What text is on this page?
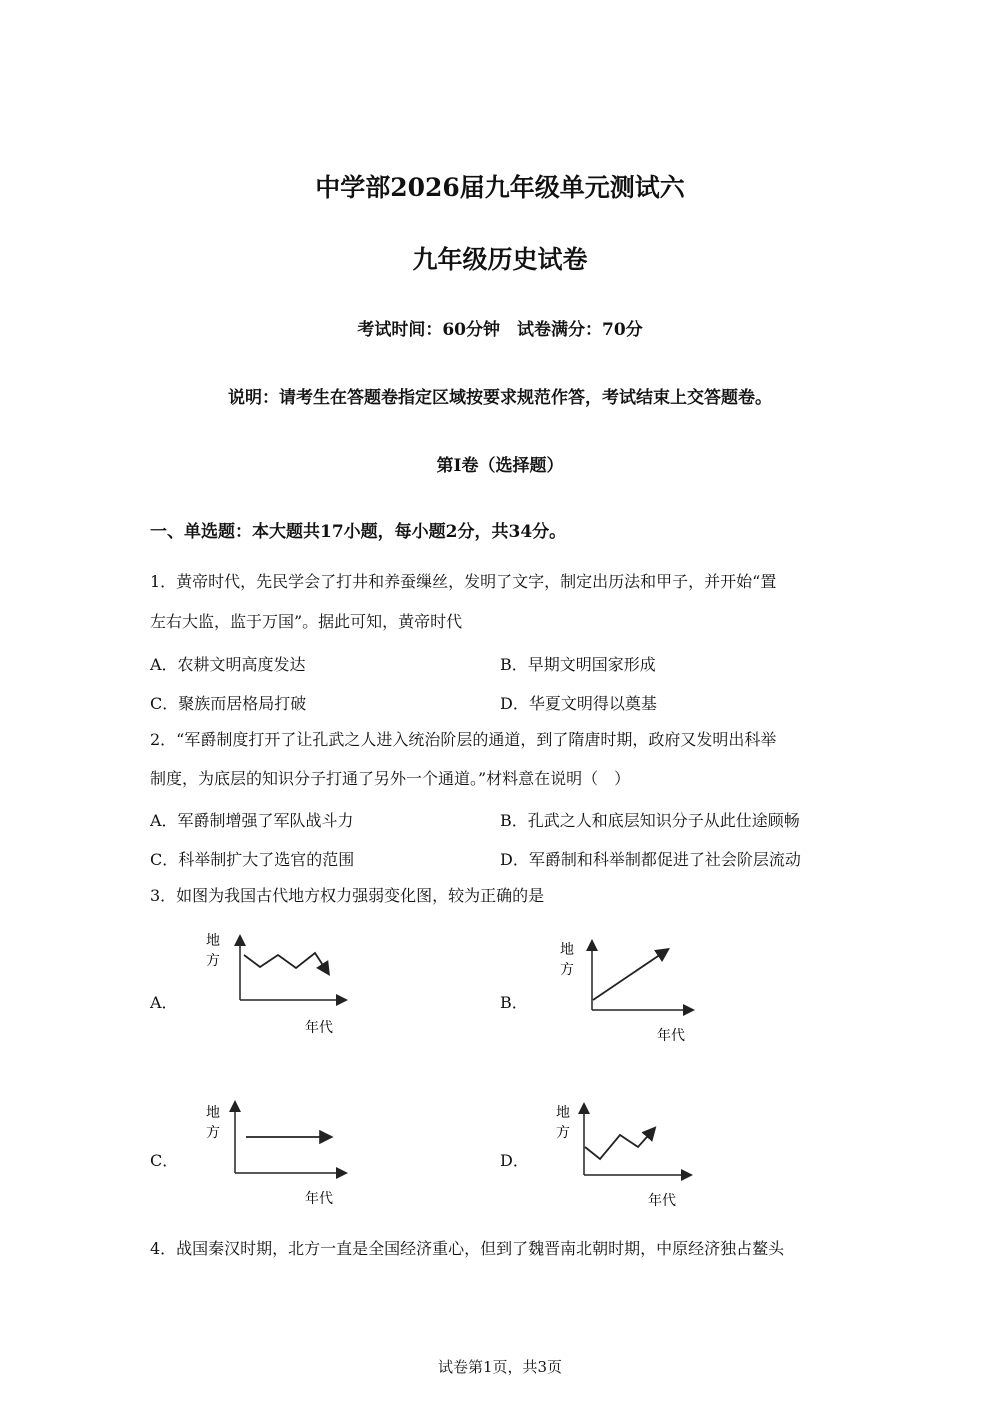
中学部2026届九年级单元测试六
九年级历史试卷
考试时间：60分钟　试卷满分：70分
说明：请考生在答题卷指定区域按要求规范作答，考试结束上交答题卷。
第I卷（选择题）
一、单选题：本大题共17小题，每小题2分，共34分。
1．黄帝时代，先民学会了打井和养蚕缫丝，发明了文字，制定出历法和甲子，并开始“置
左右大监，监于万国”。据此可知，黄帝时代
A．农耕文明高度发达	B．早期文明国家形成
C．聚族而居格局打破	D．华夏文明得以奠基
2．“军爵制度打开了让孔武之人进入统治阶层的通道，到了隋唐时期，政府又发明出科举
制度，为底层的知识分子打通了另外一个通道。”材料意在说明（　）
A．军爵制增强了军队战斗力	B．孔武之人和底层知识分子从此仕途顾畅
C．科举制扩大了选官的范围	D．军爵制和科举制都促进了社会阶层流动
3．如图为我国古代地方权力强弱变化图，较为正确的是
A．	B．
C．	D．
地
方
年代
地
方
年代
地
方
年代
地
方
年代
4．战国秦汉时期，北方一直是全国经济重心，但到了魏晋南北朝时期，中原经济独占鳌头
试卷第1页，共3页
